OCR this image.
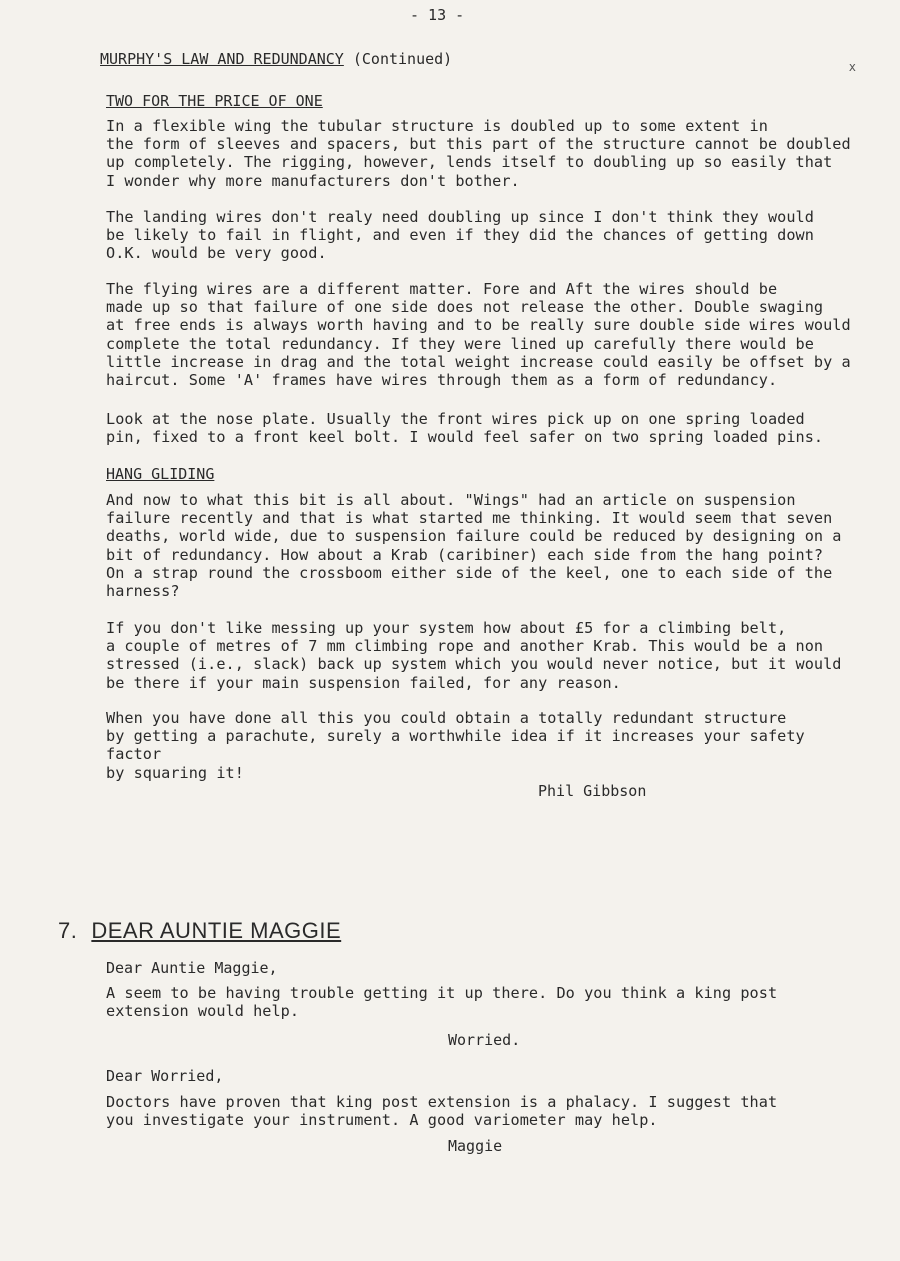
- 13 -
x
MURPHY'S LAW AND REDUNDANCY (Continued)
TWO FOR THE PRICE OF ONE
In a flexible wing the tubular structure is doubled up to some extent in
the form of sleeves and spacers, but this part of the structure cannot be doubled
up completely. The rigging, however, lends itself to doubling up so easily that
I wonder why more manufacturers don't bother.
The landing wires don't realy need doubling up since I don't think they would
be likely to fail in flight, and even if they did the chances of getting down
O.K. would be very good.
The flying wires are a different matter. Fore and Aft the wires should be
made up so that failure of one side does not release the other. Double swaging
at free ends is always worth having and to be really sure double side wires would
complete the total redundancy. If they were lined up carefully there would be
little increase in drag and the total weight increase could easily be offset by a
haircut. Some 'A' frames have wires through them as a form of redundancy.
Look at the nose plate. Usually the front wires pick up on one spring loaded
pin, fixed to a front keel bolt. I would feel safer on two spring loaded pins.
HANG GLIDING
And now to what this bit is all about. "Wings" had an article on suspension
failure recently and that is what started me thinking. It would seem that seven
deaths, world wide, due to suspension failure could be reduced by designing on a
bit of redundancy. How about a Krab (caribiner) each side from the hang point?
On a strap round the crossboom either side of the keel, one to each side of the
harness?
If you don't like messing up your system how about £5 for a climbing belt,
a couple of metres of 7 mm climbing rope and another Krab. This would be a non
stressed (i.e., slack) back up system which you would never notice, but it would
be there if your main suspension failed, for any reason.
When you have done all this you could obtain a totally redundant structure
by getting a parachute, surely a worthwhile idea if it increases your safety factor
by squaring it!
Phil Gibbson
7. DEAR AUNTIE MAGGIE
Dear Auntie Maggie,
A seem to be having trouble getting it up there. Do you think a king post
extension would help.
Worried.
Dear Worried,
Doctors have proven that king post extension is a phalacy. I suggest that
you investigate your instrument. A good variometer may help.
Maggie
